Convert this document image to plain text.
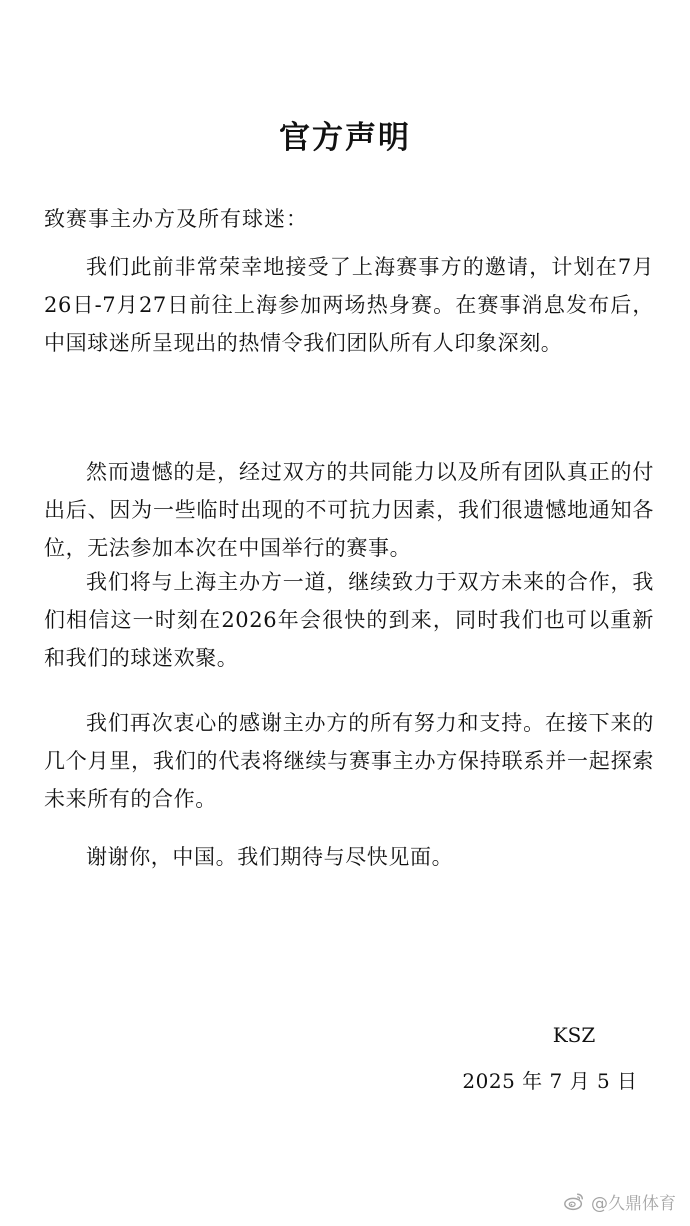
官方声明
致赛事主办方及所有球迷：

我们此前非常荣幸地接受了上海赛事方的邀请，计划在7月26日-7月27日前往上海参加两场热身赛。在赛事消息发布后，中国球迷所呈现出的热情令我们团队所有人印象深刻。

然而遗憾的是，经过双方的共同能力以及所有团队真正的付出后、因为一些临时出现的不可抗力因素，我们很遗憾地通知各位，无法参加本次在中国举行的赛事。

我们将与上海主办方一道，继续致力于双方未来的合作，我们相信这一时刻在2026年会很快的到来，同时我们也可以重新和我们的球迷欢聚。

我们再次衷心的感谢主办方的所有努力和支持。在接下来的几个月里，我们的代表将继续与赛事主办方保持联系并一起探索未来所有的合作。

谢谢你，中国。我们期待与尽快见面。

KSZ
2025 年 7 月 5 日
@久鼎体育
